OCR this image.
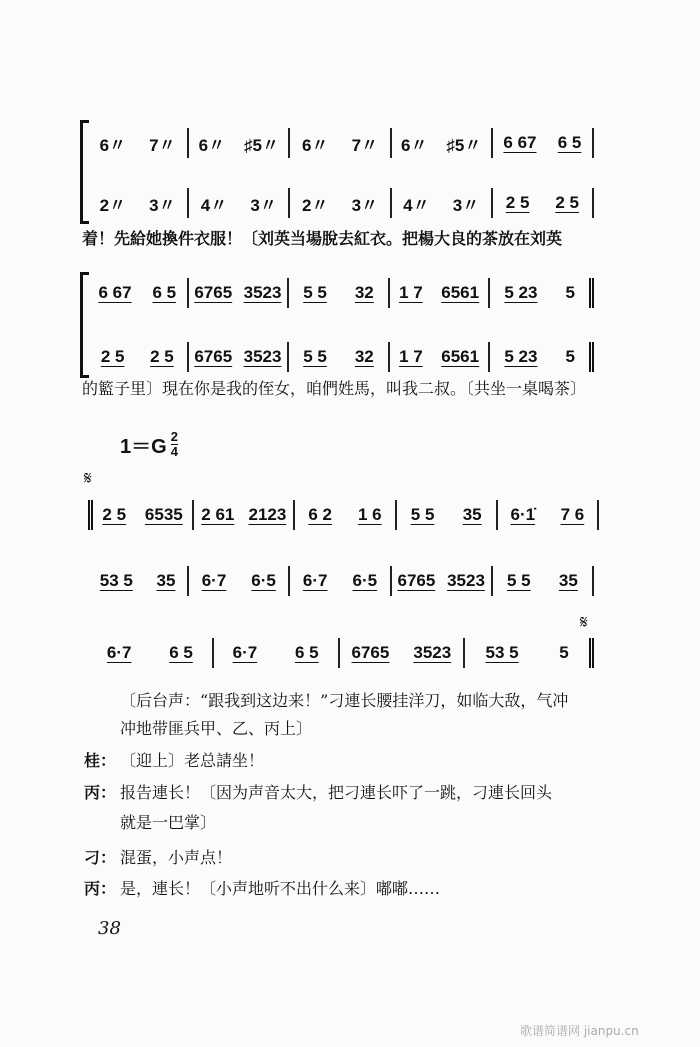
6〃 7〃 6〃 ♯5〃 6〃 7〃 6〃 ♯5〃 6 67 6 5
2〃 3〃 4〃 3〃 2〃 3〃 4〃 3〃 2 5 2 5
着！先給她換件衣服！〔刘英当場脫去紅衣。把楊大良的茶放在刘英
6 67 6 5 6765 3523 5 5 32 1 7 6561 5 23 5
2 5 2 5 6765 3523 5 5 32 1 7 6561 5 23 5
的籃子里〕現在你是我的侄女，咱們姓馬，叫我二叔。〔共坐一桌喝茶〕
$1=G \frac{2}{4}$
𝄋
2 5 6535 2 61 2123 6 2 1 6 5 5 35 6·1̇ 7 6
53 5 35 6·7 6·5 6·7 6·5 6765 3523 5 5 35
6·7 6 5 6·7 6 5 6765 3523 53 5 5
𝄋
〔后台声：“跟我到这边来！”刁連长腰挂洋刀，如临大敌，气冲
冲地带匪兵甲、乙、丙上〕
桂： 〔迎上〕老总請坐！
丙： 报告連长！〔因为声音太大，把刁連长吓了一跳，刁連长回头
就是一巴掌〕
刁： 混蛋，小声点！
丙： 是，連长！〔小声地听不出什么来〕嘟嘟……
38
歌谱简谱网 jianpu.cn
